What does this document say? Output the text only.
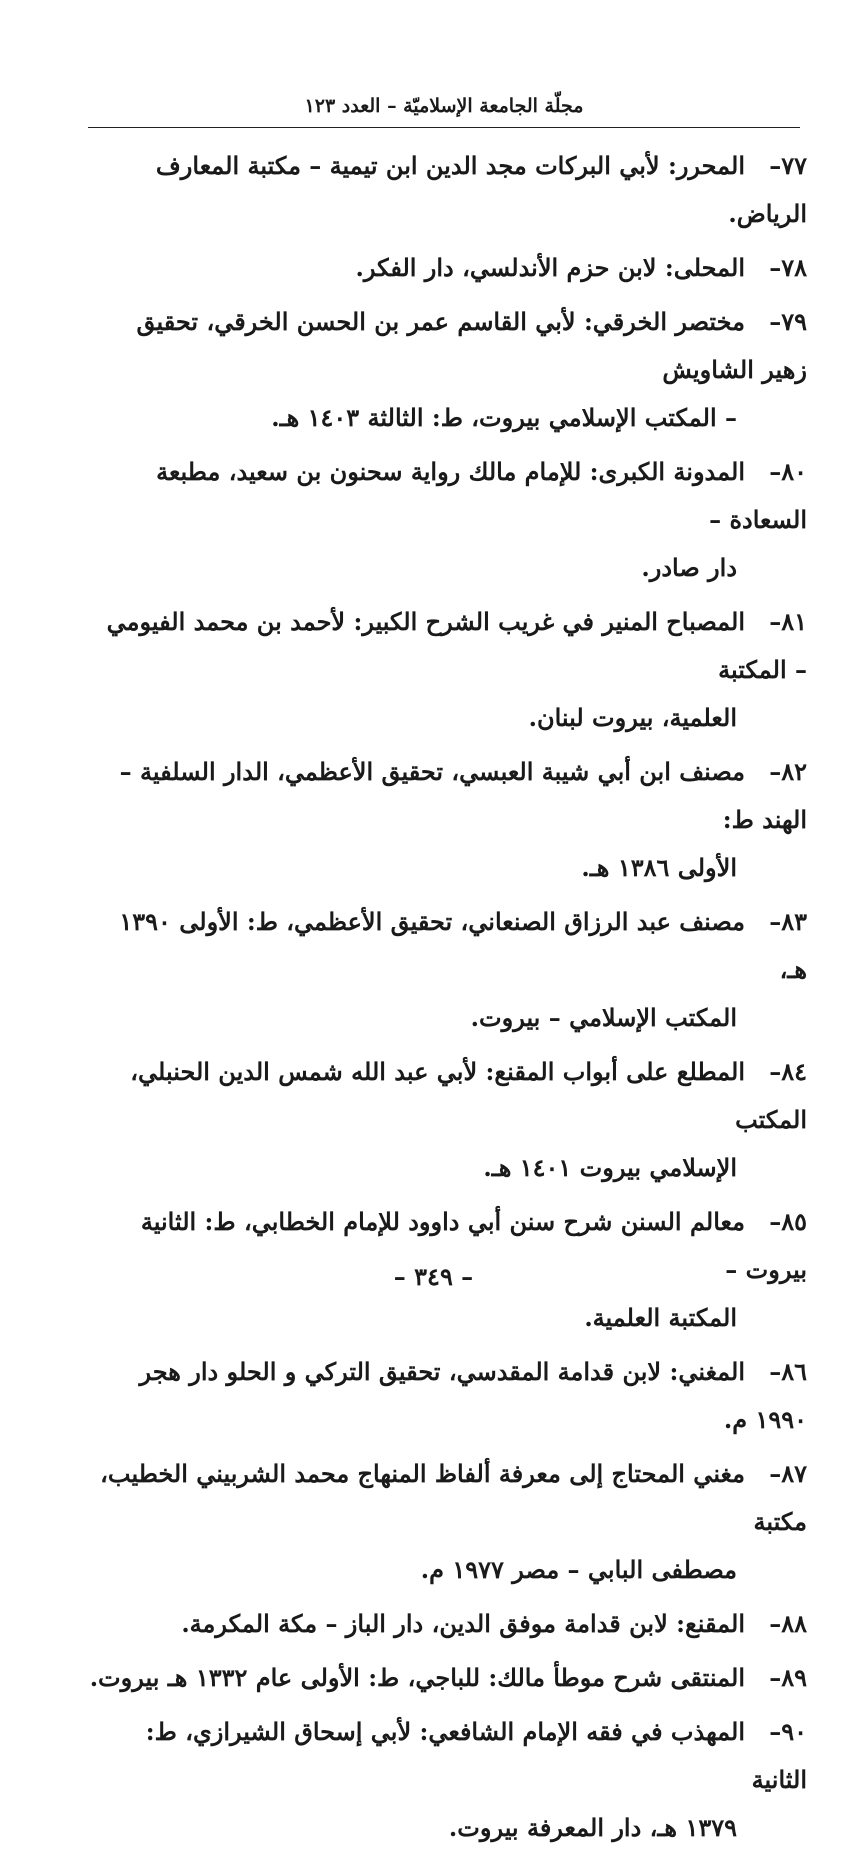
مجلّة الجامعة الإسلاميّة – العدد ١٢٣
٧٧–المحرر: لأبي البركات مجد الدين ابن تيمية – مكتبة المعارف الرياض.
٧٨–المحلى: لابن حزم الأندلسي، دار الفكر.
٧٩–مختصر الخرقي: لأبي القاسم عمر بن الحسن الخرقي، تحقيق زهير الشاويش
– المكتب الإسلامي بيروت، ط: الثالثة ١٤٠٣ هـ.
٨٠–المدونة الكبرى: للإمام مالك رواية سحنون بن سعيد، مطبعة السعادة –
دار صادر.
٨١–المصباح المنير في غريب الشرح الكبير: لأحمد بن محمد الفيومي – المكتبة
العلمية، بيروت لبنان.
٨٢–مصنف ابن أبي شيبة العبسي، تحقيق الأعظمي، الدار السلفية – الهند ط:
الأولى ١٣٨٦ هـ.
٨٣–مصنف عبد الرزاق الصنعاني، تحقيق الأعظمي، ط: الأولى ١٣٩٠ هـ،
المكتب الإسلامي – بيروت.
٨٤–المطلع على أبواب المقنع: لأبي عبد الله شمس الدين الحنبلي، المكتب
الإسلامي بيروت ١٤٠١ هـ.
٨٥–معالم السنن شرح سنن أبي داوود للإمام الخطابي، ط: الثانية بيروت –
المكتبة العلمية.
٨٦–المغني: لابن قدامة المقدسي، تحقيق التركي و الحلو دار هجر ١٩٩٠ م.
٨٧–مغني المحتاج إلى معرفة ألفاظ المنهاج محمد الشربيني الخطيب، مكتبة
مصطفى البابي – مصر ١٩٧٧ م.
٨٨–المقنع: لابن قدامة موفق الدين، دار الباز – مكة المكرمة.
٨٩–المنتقى شرح موطأ مالك: للباجي، ط: الأولى عام ١٣٣٢ هـ بيروت.
٩٠–المهذب في فقه الإمام الشافعي: لأبي إسحاق الشيرازي، ط: الثانية
١٣٧٩ هـ، دار المعرفة بيروت.
– ٣٤٩ –
